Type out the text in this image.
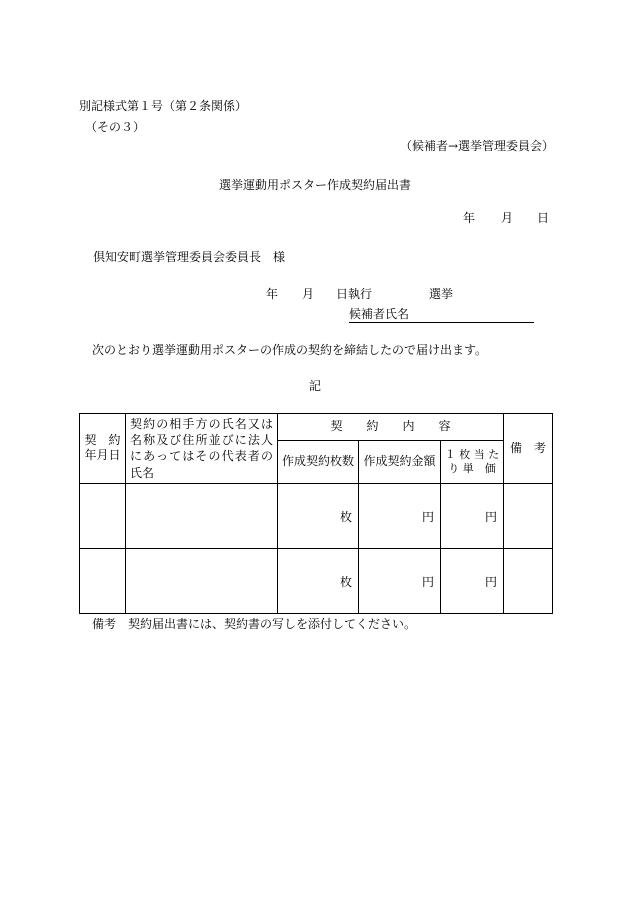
別記様式第１号（第２条関係）
（その３）
（候補者→選挙管理委員会）
選挙運動用ポスター作成契約届出書
年 月 日
倶知安町選挙管理委員会委員長　様
年 月 日執行	選挙
候補者氏名
次のとおり選挙運動用ポスターの作成の契約を締結したので届け出ます。
記
契　約
年月日	契約の相手方の氏名又は名称及び住所並びに法人にあってはその代表者の氏名	契　　約　　内　　容			備　考
		作成契約枚数	作成契約金額	１ 枚 当 た
り 単　価	

		枚	円	円	
		枚	円	円	
備考　契約届出書には、契約書の写しを添付してください。
